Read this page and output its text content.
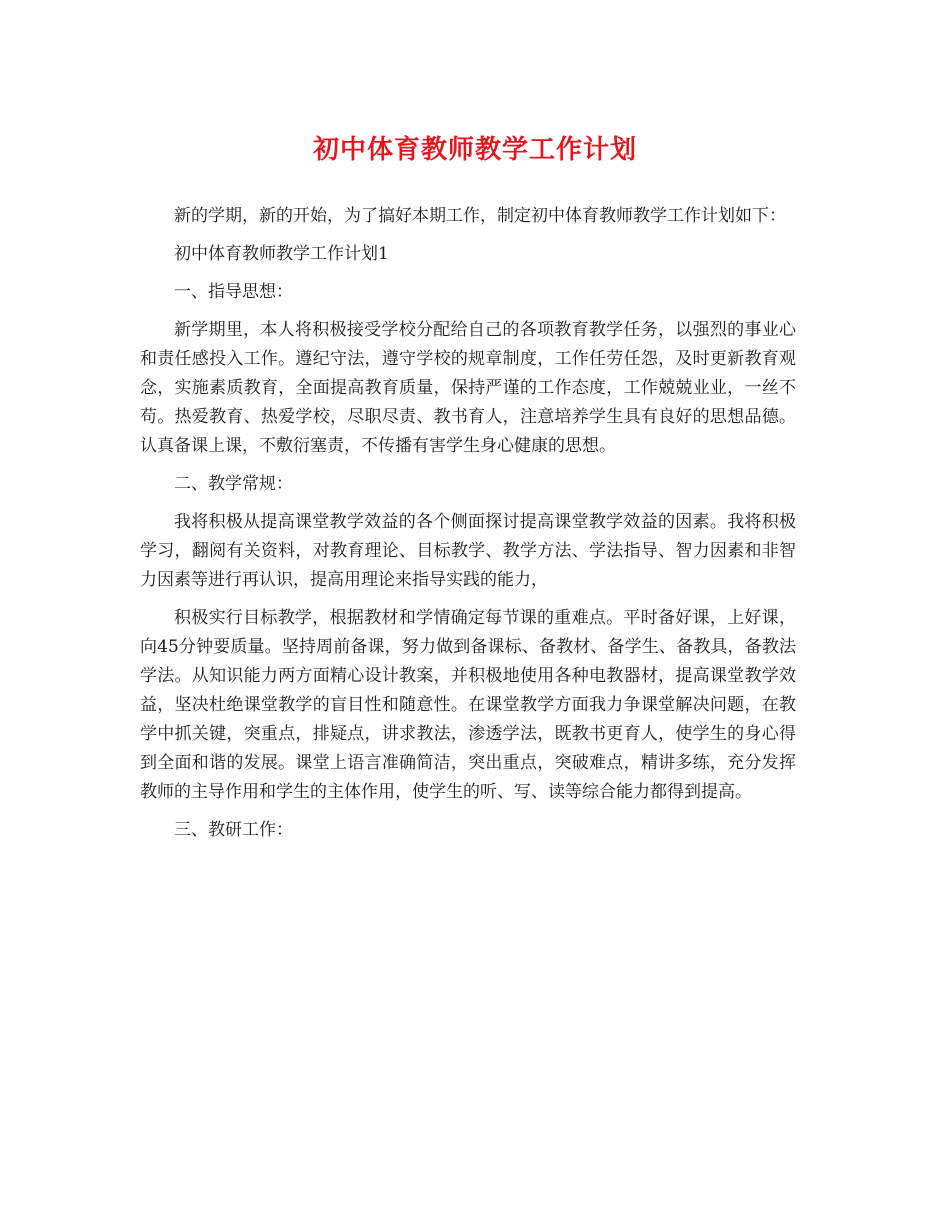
初中体育教师教学工作计划

新的学期，新的开始，为了搞好本期工作，制定初中体育教师教学工作计划如下：

初中体育教师教学工作计划1

一、指导思想：

新学期里，本人将积极接受学校分配给自己的各项教育教学任务，以强烈的事业心和责任感投入工作。遵纪守法，遵守学校的规章制度，工作任劳任怨，及时更新教育观念，实施素质教育，全面提高教育质量，保持严谨的工作态度，工作兢兢业业，一丝不苟。热爱教育、热爱学校，尽职尽责、教书育人，注意培养学生具有良好的思想品德。认真备课上课，不敷衍塞责，不传播有害学生身心健康的思想。

二、教学常规：

我将积极从提高课堂教学效益的各个侧面探讨提高课堂教学效益的因素。我将积极学习，翻阅有关资料，对教育理论、目标教学、教学方法、学法指导、智力因素和非智力因素等进行再认识，提高用理论来指导实践的能力，

积极实行目标教学，根据教材和学情确定每节课的重难点。平时备好课，上好课，向45分钟要质量。坚持周前备课，努力做到备课标、备教材、备学生、备教具，备教法学法。从知识能力两方面精心设计教案，并积极地使用各种电教器材，提高课堂教学效益，坚决杜绝课堂教学的盲目性和随意性。在课堂教学方面我力争课堂解决问题，在教学中抓关键，突重点，排疑点，讲求教法，渗透学法，既教书更育人，使学生的身心得到全面和谐的发展。课堂上语言准确简洁，突出重点，突破难点，精讲多练，充分发挥教师的主导作用和学生的主体作用，使学生的听、写、读等综合能力都得到提高。

三、教研工作：
